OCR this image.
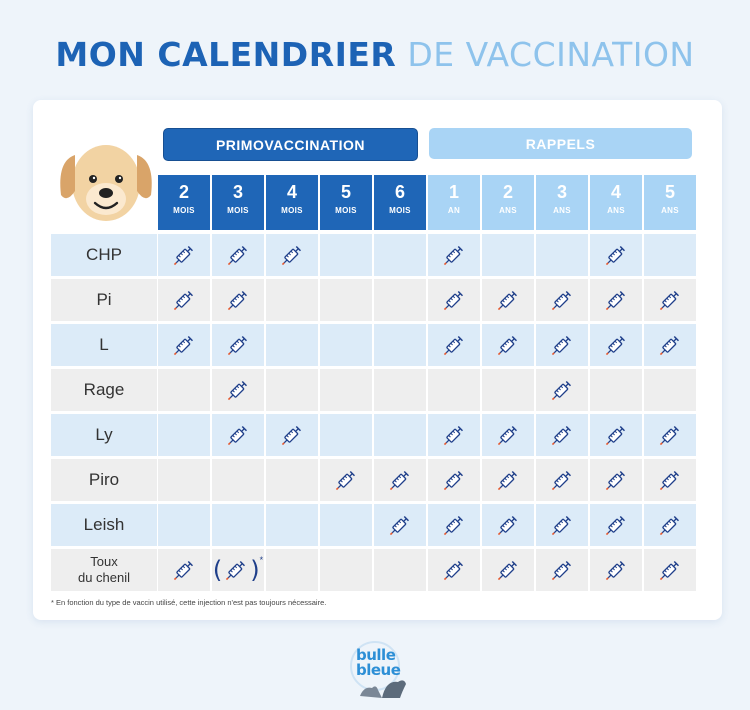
MON CALENDRIER DE VACCINATION
PRIMOVACCINATION	RAPPELS
2
MOIS
3
MOIS
4
MOIS
5
MOIS
6
MOIS
1
AN
2
ANS
3
ANS
4
ANS
5
ANS
CHP
Pi
L
Rage
Ly
Piro
Leish
Toux
du chenil	( ) *
* En fonction du type de vaccin utilisé, cette injection n'est pas toujours nécessaire.
bulle
bleue
